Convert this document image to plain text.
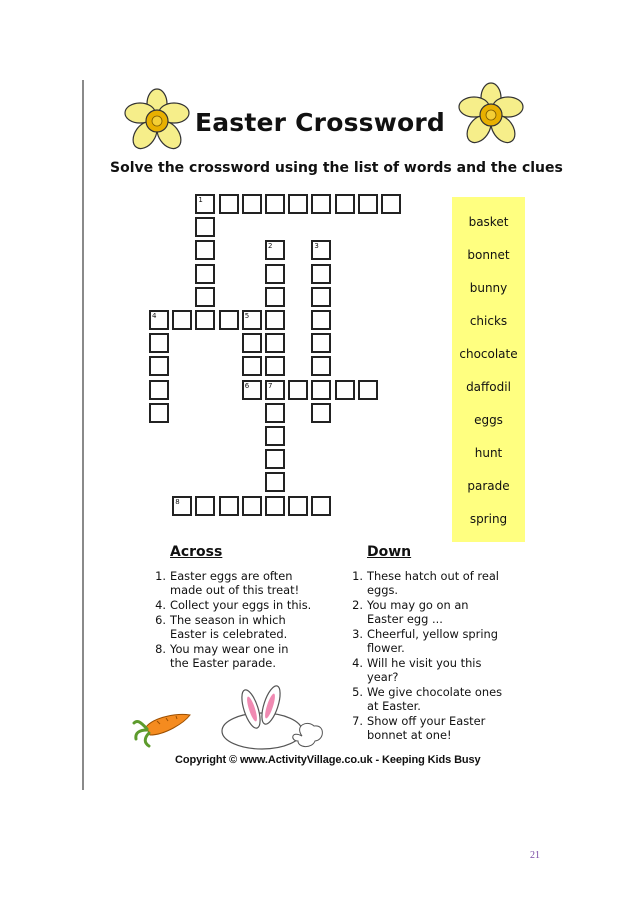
Easter Crossword
Solve the crossword using the list of words and the clues
1
2	3
4	5
6	7
8
basket
bonnet
bunny
chicks
chocolate
daffodil
eggs
hunt
parade
spring
Across
1. Easter eggs are often
made out of this treat!
4. Collect your eggs in this.
6. The season in which
Easter is celebrated.
8. You may wear one in
the Easter parade.
Down
1. These hatch out of real
eggs.
2. You may go on an
Easter egg ...
3. Cheerful, yellow spring
flower.
4. Will he visit you this
year?
5. We give chocolate ones
at Easter.
7. Show off your Easter
bonnet at one!
Copyright © www.ActivityVillage.co.uk - Keeping Kids Busy
21
